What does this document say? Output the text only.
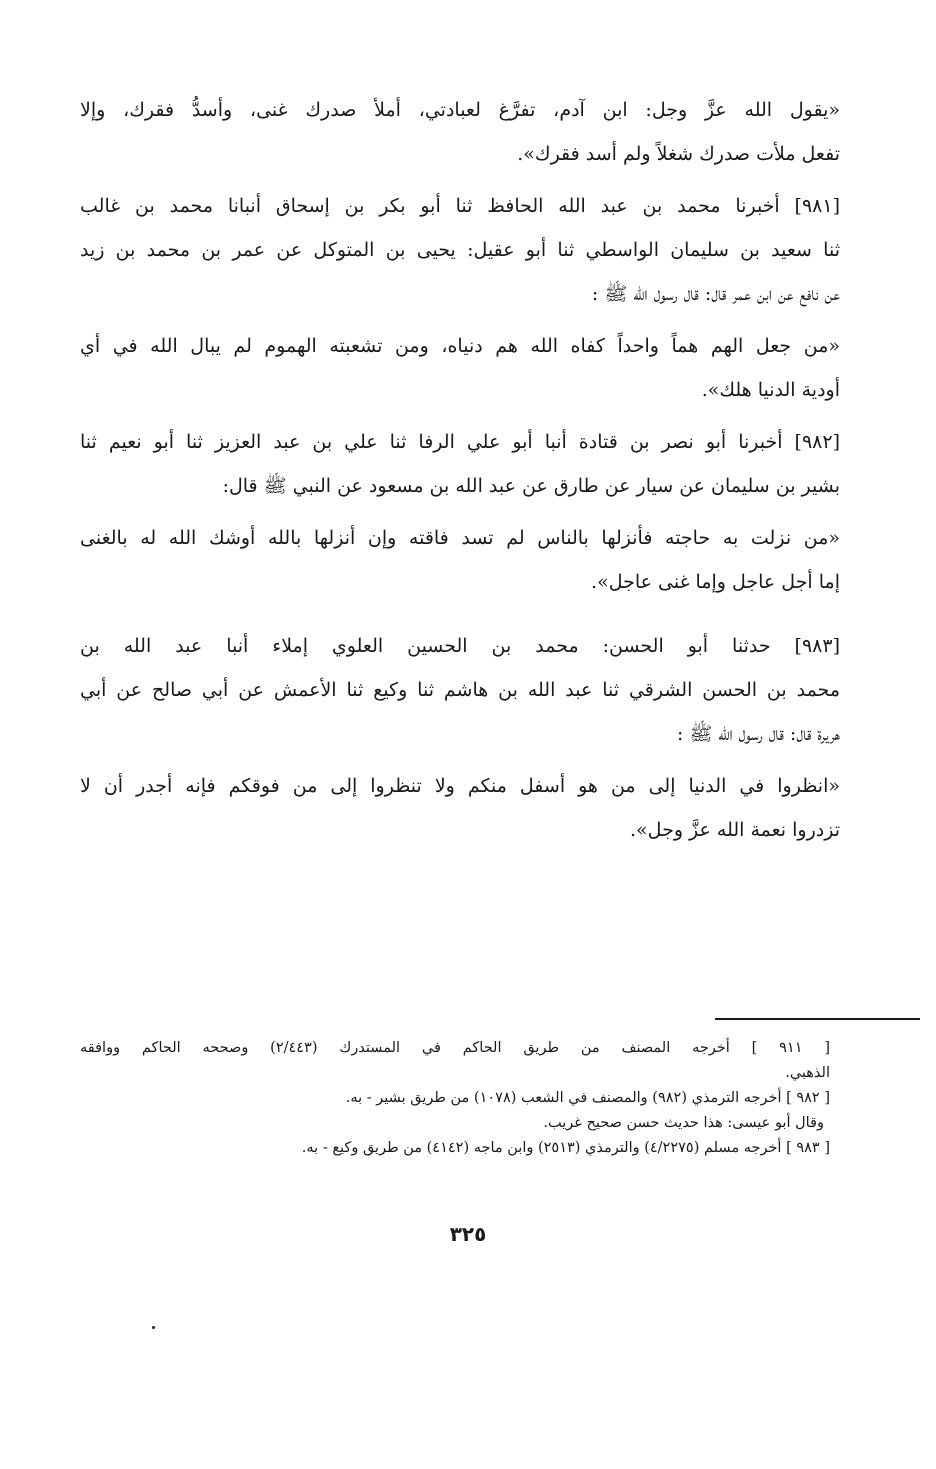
«يقول الله عزَّ وجل: ابن آدم، تفرَّغ لعبادتي، أملأ صدرك غنى، وأسدُّ فقرك، وإلا
تفعل ملأت صدرك شغلاً ولم أسد فقرك».

[٩٨١] أخبرنا محمد بن عبد الله الحافظ ثنا أبو بكر بن إسحاق أنبانا محمد بن غالب
ثنا سعيد بن سليمان الواسطي ثنا أبو عقيل: يحيى بن المتوكل عن عمر بن محمد بن زيد
عن نافع عن ابن عمر قال: قال رسول الله ﷺ :

«من جعل الهم هماً واحداً كفاه الله هم دنياه، ومن تشعبته الهموم لم يبال الله في أي
أودية الدنيا هلك».

[٩٨٢] أخبرنا أبو نصر بن قتادة أنبا أبو علي الرفا ثنا علي بن عبد العزيز ثنا أبو نعيم ثنا
بشير بن سليمان عن سيار عن طارق عن عبد الله بن مسعود عن النبي ﷺ قال:

«من نزلت به حاجته فأنزلها بالناس لم تسد فاقته وإن أنزلها بالله أوشك الله له بالغنى
إما أجل عاجل وإما غنى عاجل».

[٩٨٣] حدثنا أبو الحسن: محمد بن الحسين العلوي إملاء أنبا عبد الله بن
محمد بن الحسن الشرقي ثنا عبد الله بن هاشم ثنا وكيع ثنا الأعمش عن أبي صالح عن أبي
هريرة قال: قال رسول الله ﷺ :

«انظروا في الدنيا إلى من هو أسفل منكم ولا تنظروا إلى من فوقكم فإنه أجدر أن لا
تزدروا نعمة الله عزَّ وجل».

[ ٩١١ ] أخرجه المصنف من طريق الحاكم في المستدرك (٢/٤٤٣) وصححه الحاكم ووافقه
الذهبي.
[ ٩٨٢ ] أخرجه الترمذي (٩٨٢) والمصنف في الشعب (١٠٧٨) من طريق بشير - به.
وقال أبو عيسى: هذا حديث حسن صحيح غريب.
[ ٩٨٣ ] أخرجه مسلم (٤/٢٢٧٥) والترمذي (٢٥١٣) وابن ماجه (٤١٤٢) من طريق وكيع - به.
٣٢٥
